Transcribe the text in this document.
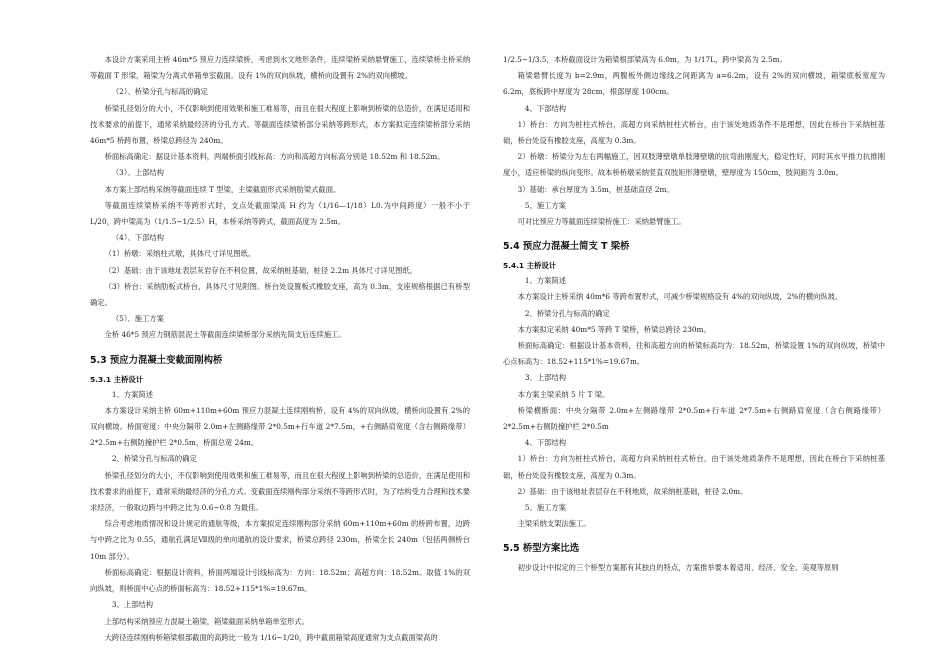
本设计方案采用主桥 46m*5 预应力连续梁桥，考虑到水文地形条件，连续梁桥采纳悬臂施工，连续梁桥主桥采纳等截面 T 形梁，箱梁为分离式单箱单室截面。设有 1%的双向纵坡，横桥向设置有 2%的双向横坡。

（2）、桥梁分孔与标高的确定

桥梁孔径划分的大小，不仅影响到使用效果和施工难易等，而且在很大程度上影响到桥梁的总造价，在满足适用和技术要求的前提下，通常采纳最经济的分孔方式。等截面连续梁桥部分采纳等跨形式，本方案拟定连续梁桥部分采纳 46m*5 桥跨布置，桥梁总跨径为 240m。

桥面标高确定：据设计基本资料，两端桥面引线标高：方向和高超方向标高分别是 18.52m 和 18.52m。

（3）、上部结构

本方案上部结构采纳等截面连续 T 型梁，主梁截面形式采纳肋梁式截面。

等截面连续梁桥采纳不等跨形式时，支点处截面梁高 H 约为（1/16—1/18）L0.为中间跨度）一般不小于 L/20，跨中梁高为（1/1.5~1/2.5）H，本桥采纳等跨式，截面高度为 2.5m。

（4）、下部结构

（1）桥墩：采纳柱式墩，具体尺寸详见图纸。

（2）基础：由于该地址表层灰岩存在不利位置，故采纳桩基础，桩径 2.2m 具体尺寸详见图纸。

（3）桥台：采纳肋板式桥台，具体尺寸见附图。桥台处设置板式橡胶支座，高为 0.3m，支座规格根据已有桥型确定。

（5）、施工方案

全桥 46*5 预应力钢筋混泥土等截面连续梁桥部分采纳先简支后连续施工。

5.3 预应力混凝土变截面刚构桥
5.3.1 主桥设计

1、方案简述

本方案设计采纳主桥 60m+110m+60m 预应力混凝土连续刚构桥，设有 4%的双向纵坡，横桥向设置有 2%的双向横坡。桥面宽度：中央分隔带 2.0m+左侧路缘带 2*0.5m+行车道 2*7.5m，+右侧路肩宽度（含右侧路缘带）2*2.5m+右侧防撞护栏 2*0.5m，桥面总宽 24m。

2、桥梁分孔与标高的确定

桥梁孔径划分的大小，不仅影响到使用效果和施工难易等，而且在很大程度上影响到桥梁的总造价，在满足使用和技术要求的前提下，通常采纳最经济的分孔方式。变截面连续刚构部分采纳不等跨形式时，为了结构受力合理和技术要求经济，一般取边跨与中跨之比为 0.6~0.8 为最佳。

综合考虑地质情况和设计规定的通航等级，本方案拟定连续刚构部分采纳 60m+110m+60m 的桥跨布置，边跨与中跨之比为 0.55，通航孔满足Ⅶ级的单向通航的设计要求，桥梁总跨径 230m，桥梁全长 240m（包括两侧桥台 10m 部分）。

桥面标高确定：根据设计资料，桥面两端设计引线标高为：方向：18.52m；高超方向：18.52m。取值 1%的双向纵坡，则桥面中心点的桥面标高为：18.52+115*1%=19.67m。

3、上部结构

上部结构采纳预应力混凝土箱梁，箱梁截面采纳单箱单室形式。

大跨径连续刚构桥箱梁根部截面的高跨比一般为 1/16~1/20，跨中截面箱梁高度通常为支点截面梁高的

1/2.5~1/3.5，本桥截面设计为箱梁根部梁高为 6.0m，为 1/17L，跨中梁高为 2.5m。

箱梁悬臂长度为 b=2.9m，两腹板外侧边缘线之间距离为 a=6.2m，设有 2%的双向横坡，箱梁底板宽度为 6.2m，底板跨中厚度为 28cm，根部厚度 100cm。

4、下部结构

1）桥台：方向为桩柱式桥台，高超方向采纳桩柱式桥台，由于该处地质条件不是理想，因此在桥台下采纳桩基础，桥台处设有橡胶支座，高度为 0.3m。

2）桥墩：桥梁分为左右两幅施工，因双肢薄壁墩单肢薄壁墩的抗弯曲刚度大，稳定性好，同时其水平推力抗推刚度小，适应桥梁的纵向变形。故本桥桥墩采纳竖直双肢矩形薄壁墩，壁厚度为 150cm，肢间距为 3.0m。

3）基础：承台厚度为 3.5m，桩基础直径 2m。

5、施工方案

可对比预应力等截面连续梁桥施工：采纳悬臂施工。

5.4 预应力混凝土简支 T 梁桥
5.4.1 主桥设计

1、方案简述

本方案设计主桥采纳 40m*6 等跨布置形式，可减少桥梁规格设有 4%的双向纵坡，2%的横向纵坡。

2、桥梁分孔与标高的确定

本方案拟定采纳 40m*5 等跨 T 梁桥，桥梁总跨径 230m。

桥面标高确定：根据设计基本资料，往和高超方向的桥梁标高均为：18.52m，桥梁设置 1%的双向纵坡，桥梁中心点标高为：18.52+115*1%=19.67m。

3、上部结构

本方案主梁采纳 5 片 T 梁。

桥梁横断面：中央分隔带 2.0m+左侧路缘带 2*0.5m+行车道 2*7.5m+右侧路肩宽度（含右侧路缘带）2*2.5m+右侧防撞护栏 2*0.5m

4、下部结构

1）桥台：方向为桩柱式桥台，高超方向采纳桩柱式桥台，由于该处地质条件不是理想，因此在桥台下采纳桩基础，桥台处设有橡胶支座，高度为 0.3m。

2）基础：由于该地址表层存在不利地质，故采纳桩基础，桩径 2.0m。

5、施工方案

主梁采纳支架法施工。

5.5 桥型方案比选

初步设计中拟定的三个桥型方案都有其独自的特点，方案推举要本着适用、经济、安全、美观等原则
